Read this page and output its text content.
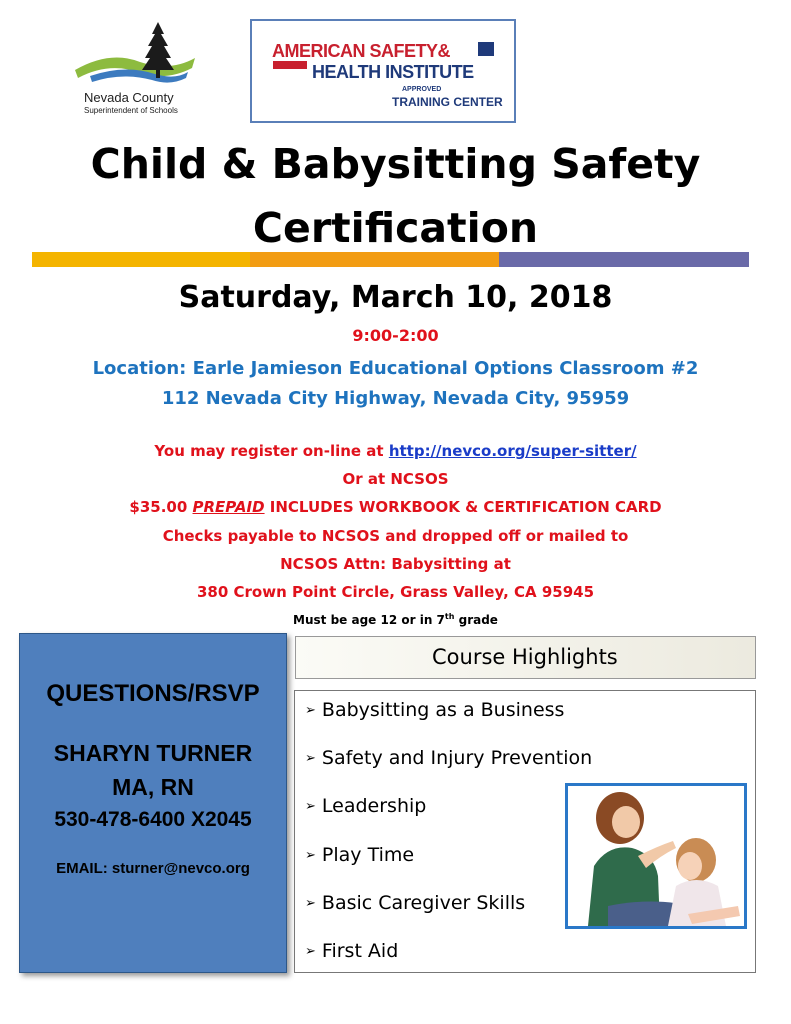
Nevada County
Superintendent of Schools
AMERICAN SAFETY&
HEALTH INSTITUTE
APPROVED
TRAINING CENTER
Child & Babysitting Safety
Certification
Saturday, March 10, 2018
9:00-2:00
Location: Earle Jamieson Educational Options Classroom #2
112 Nevada City Highway, Nevada City, 95959
You may register on-line at http://nevco.org/super-sitter/
Or at NCSOS
$35.00 PREPAID INCLUDES WORKBOOK & CERTIFICATION CARD
Checks payable to NCSOS and dropped off or mailed to
NCSOS Attn: Babysitting at
380 Crown Point Circle, Grass Valley, CA 95945
Must be age 12 or in 7th grade
QUESTIONS/RSVP
SHARYN TURNER
MA, RN
530-478-6400 X2045
EMAIL: sturner@nevco.org
Course Highlights
➢ Babysitting as a Business
➢ Safety and Injury Prevention
➢ Leadership
➢ Play Time
➢ Basic Caregiver Skills
➢ First Aid
